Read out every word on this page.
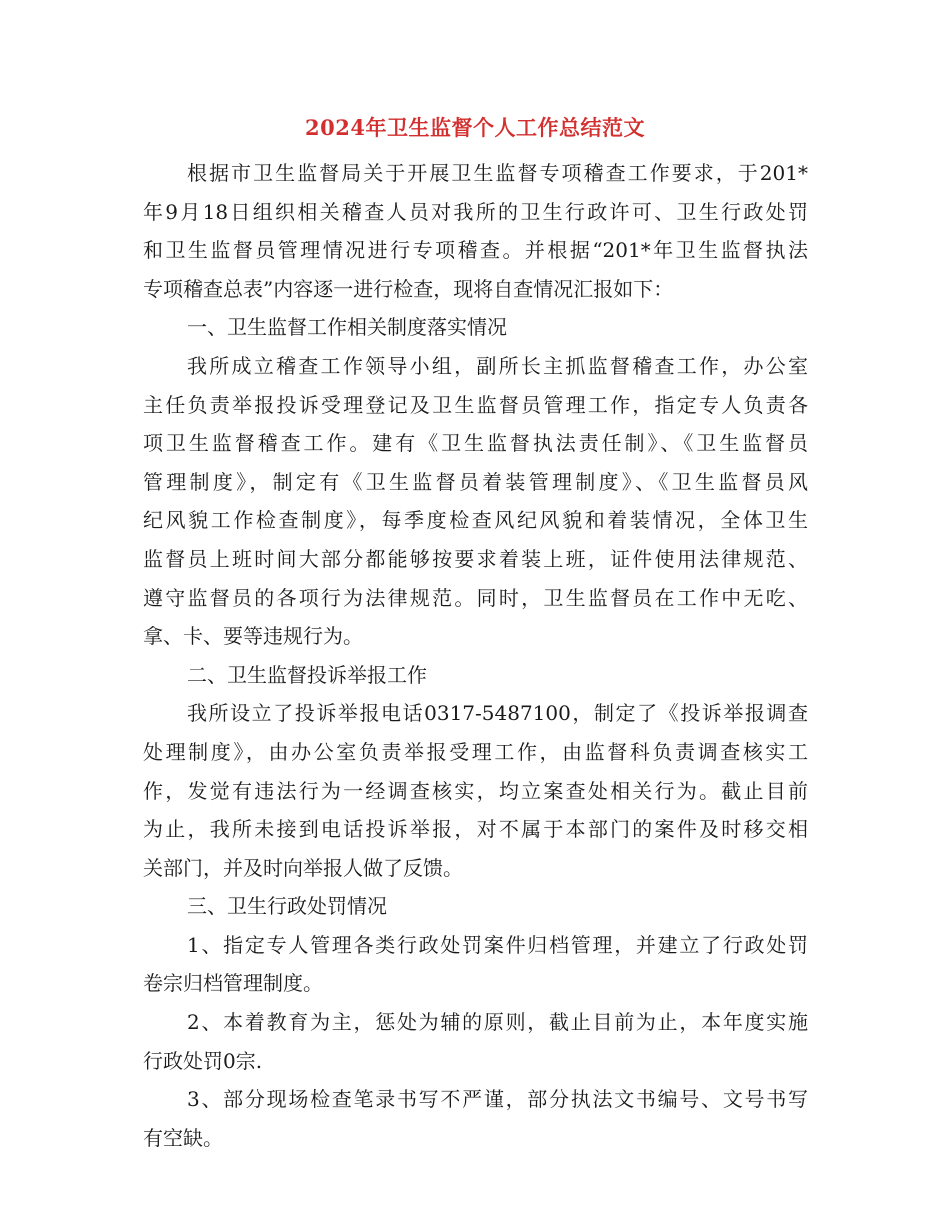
2024年卫生监督个人工作总结范文
根据市卫生监督局关于开展卫生监督专项稽查工作要求，于201*
年9月18日组织相关稽查人员对我所的卫生行政许可、卫生行政处罚
和卫生监督员管理情况进行专项稽查。并根据“201*年卫生监督执法
专项稽查总表”内容逐一进行检查，现将自查情况汇报如下：
一、卫生监督工作相关制度落实情况
我所成立稽查工作领导小组，副所长主抓监督稽查工作，办公室
主任负责举报投诉受理登记及卫生监督员管理工作，指定专人负责各
项卫生监督稽查工作。建有《卫生监督执法责任制》、《卫生监督员
管理制度》，制定有《卫生监督员着装管理制度》、《卫生监督员风
纪风貌工作检查制度》，每季度检查风纪风貌和着装情况，全体卫生
监督员上班时间大部分都能够按要求着装上班，证件使用法律规范、
遵守监督员的各项行为法律规范。同时，卫生监督员在工作中无吃、
拿、卡、要等违规行为。
二、卫生监督投诉举报工作
我所设立了投诉举报电话0317-5487100，制定了《投诉举报调查
处理制度》，由办公室负责举报受理工作，由监督科负责调查核实工
作，发觉有违法行为一经调查核实，均立案查处相关行为。截止目前
为止，我所未接到电话投诉举报，对不属于本部门的案件及时移交相
关部门，并及时向举报人做了反馈。
三、卫生行政处罚情况
1、指定专人管理各类行政处罚案件归档管理，并建立了行政处罚
卷宗归档管理制度。
2、本着教育为主，惩处为辅的原则，截止目前为止，本年度实施
行政处罚0宗.
3、部分现场检查笔录书写不严谨，部分执法文书编号、文号书写
有空缺。
